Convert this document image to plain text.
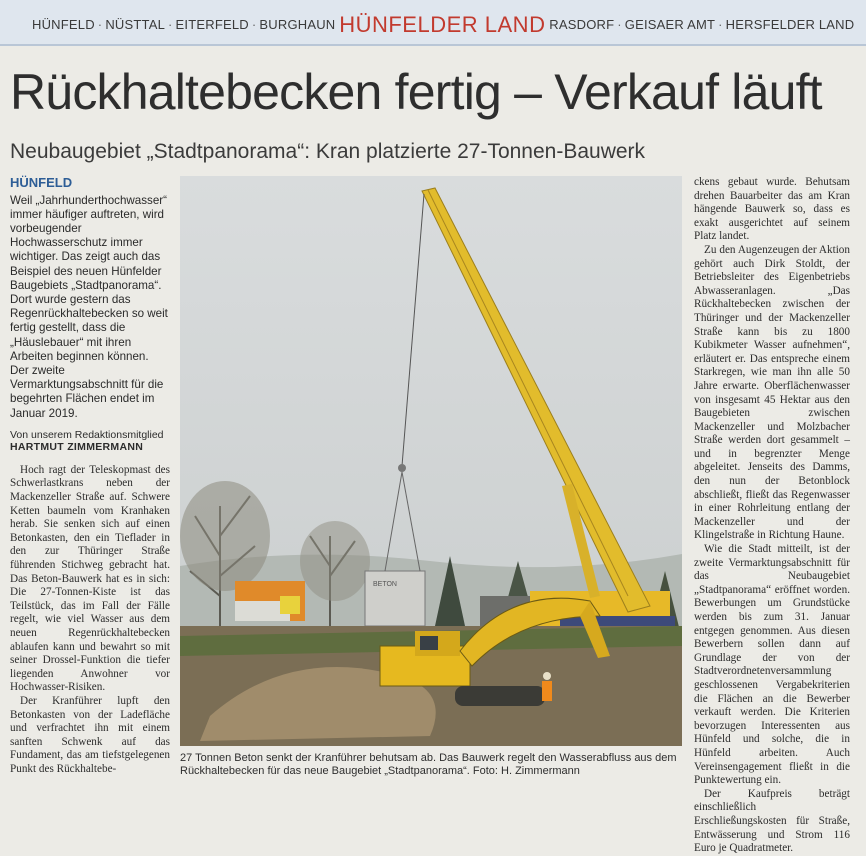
HÜNFELD · NÜSTTAL · EITERFELD · BURGHAUN HÜNFELDER LAND RASDORF · GEISAER AMT · HERSFELDER LAND
Rückhaltebecken fertig – Verkauf läuft
Neubaugebiet „Stadtpanorama“: Kran platzierte 27-Tonnen-Bauwerk
HÜNFELD
Weil „Jahrhunderthochwasser“ immer häufiger auftreten, wird vorbeugender Hochwasserschutz immer wichtiger. Das zeigt auch das Beispiel des neuen Hünfelder Baugebiets „Stadtpanorama“. Dort wurde gestern das Regenrückhaltebecken so weit fertig gestellt, dass die „Häuslebauer“ mit ihren Arbeiten beginnen können. Der zweite Vermarktungsabschnitt für die begehrten Flächen endet im Januar 2019.
Von unserem Redaktionsmitglied
HARTMUT ZIMMERMANN

Hoch ragt der Teleskopmast des Schwerlastkrans neben der Mackenzeller Straße auf. Schwere Ketten baumeln vom Kranhaken herab. Sie senken sich auf einen Betonkasten, den ein Tieflader in den zur Thüringer Straße führenden Stichweg gebracht hat. Das Beton-Bauwerk hat es in sich: Die 27-Tonnen-Kiste ist das Teilstück, das im Fall der Fälle regelt, wie viel Wasser aus dem neuen Regenrückhaltebecken ablaufen kann und bewahrt so mit seiner Drossel-Funktion die tiefer liegenden Anwohner vor Hochwasser-Risiken.

Der Kranführer lupft den Betonkasten von der Ladefläche und verfrachtet ihn mit einem sanften Schwenk auf das Fundament, das am tiefstgelegenen Punkt des Rückhaltebe-

BETON
27 Tonnen Beton senkt der Kranführer behutsam ab. Das Bauwerk regelt den Wasserabfluss aus dem Rückhaltebecken für das neue Baugebiet „Stadtpanorama“. Foto: H. Zimmermann

ckens gebaut wurde. Behutsam drehen Bauarbeiter das am Kran hängende Bauwerk so, dass es exakt ausgerichtet auf seinem Platz landet.

Zu den Augenzeugen der Aktion gehört auch Dirk Stoldt, der Betriebsleiter des Eigenbetriebs Abwasseranlagen. „Das Rückhaltebecken zwischen der Thüringer und der Mackenzeller Straße kann bis zu 1800 Kubikmeter Wasser aufnehmen“, erläutert er. Das entspreche einem Starkregen, wie man ihn alle 50 Jahre erwarte. Oberflächenwasser von insgesamt 45 Hektar aus den Baugebieten zwischen Mackenzeller und Molzbacher Straße werden dort gesammelt – und in begrenzter Menge abgeleitet. Jenseits des Damms, den nun der Betonblock abschließt, fließt das Regenwasser in einer Rohrleitung entlang der Mackenzeller und der Klingelstraße in Richtung Haune.

Wie die Stadt mitteilt, ist der zweite Vermarktungsabschnitt für das Neubaugebiet „Stadtpanorama“ eröffnet worden. Bewerbungen um Grundstücke werden bis zum 31. Januar entgegen genommen. Aus diesen Bewerbern sollen dann auf Grundlage der von der Stadtverordnetenversammlung geschlossenen Vergabekriterien die Flächen an die Bewerber verkauft werden. Die Kriterien bevorzugen Interessenten aus Hünfeld und solche, die in Hünfeld arbeiten. Auch Vereinsengagement fließt in die Punktewertung ein.

Der Kaufpreis beträgt einschließlich Erschließungskosten für Straße, Entwässerung und Strom 116 Euro je Quadratmeter.
